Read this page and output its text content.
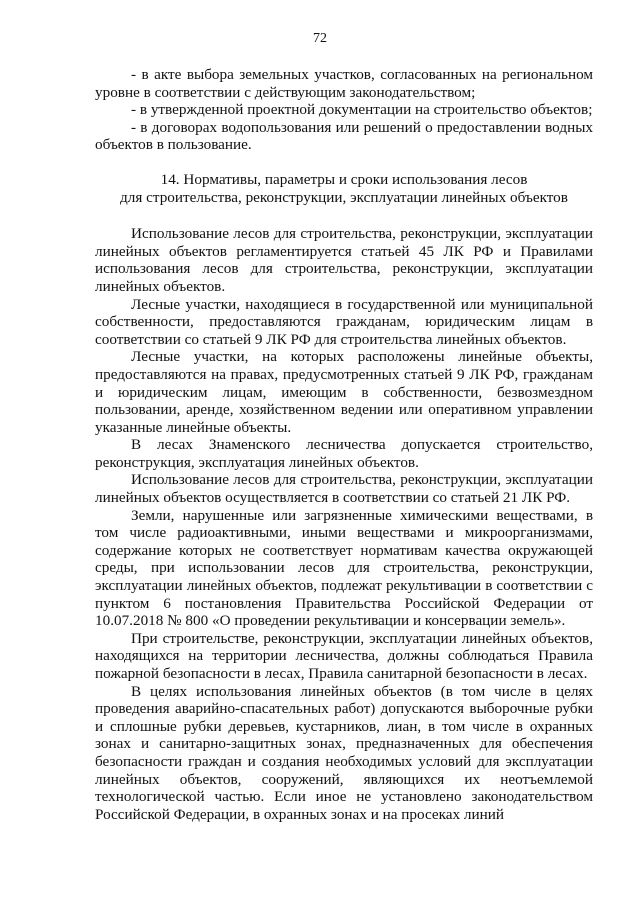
72

- в акте выбора земельных участков, согласованных на региональном уровне в соответствии с действующим законодательством;

- в утвержденной проектной документации на строительство объектов;

- в договорах водопользования или решений о предоставлении водных объектов в пользование.

14. Нормативы, параметры и сроки использования лесов

для строительства, реконструкции, эксплуатации линейных объектов

Использование лесов для строительства, реконструкции, эксплуатации линейных объектов регламентируется статьей 45 ЛК РФ и Правилами использования лесов для строительства, реконструкции, эксплуатации линейных объектов.

Лесные участки, находящиеся в государственной или муниципальной собственности, предоставляются гражданам, юридическим лицам в соответствии со статьей 9 ЛК РФ для строительства линейных объектов.

Лесные участки, на которых расположены линейные объекты, предоставляются на правах, предусмотренных статьей 9 ЛК РФ, гражданам и юридическим лицам, имеющим в собственности, безвозмездном пользовании, аренде, хозяйственном ведении или оперативном управлении указанные линейные объекты.

В лесах Знаменского лесничества допускается строительство, реконструкция, эксплуатация линейных объектов.

Использование лесов для строительства, реконструкции, эксплуатации линейных объектов осуществляется в соответствии со статьей 21 ЛК РФ.

Земли, нарушенные или загрязненные химическими веществами, в том числе радиоактивными, иными веществами и микроорганизмами, содержание которых не соответствует нормативам качества окружающей среды, при использовании лесов для строительства, реконструкции, эксплуатации линейных объектов, подлежат рекультивации в соответствии с пунктом 6 постановления Правительства Российской Федерации от 10.07.2018 № 800 «О проведении рекультивации и консервации земель».

При строительстве, реконструкции, эксплуатации линейных объектов, находящихся на территории лесничества, должны соблюдаться Правила пожарной безопасности в лесах, Правила санитарной безопасности в лесах.

В целях использования линейных объектов (в том числе в целях проведения аварийно-спасательных работ) допускаются выборочные рубки и сплошные рубки деревьев, кустарников, лиан, в том числе в охранных зонах и санитарно-защитных зонах, предназначенных для обеспечения безопасности граждан и создания необходимых условий для эксплуатации линейных объектов, сооружений, являющихся их неотъемлемой технологической частью. Если иное не установлено законодательством Российской Федерации, в охранных зонах и на просеках линий
